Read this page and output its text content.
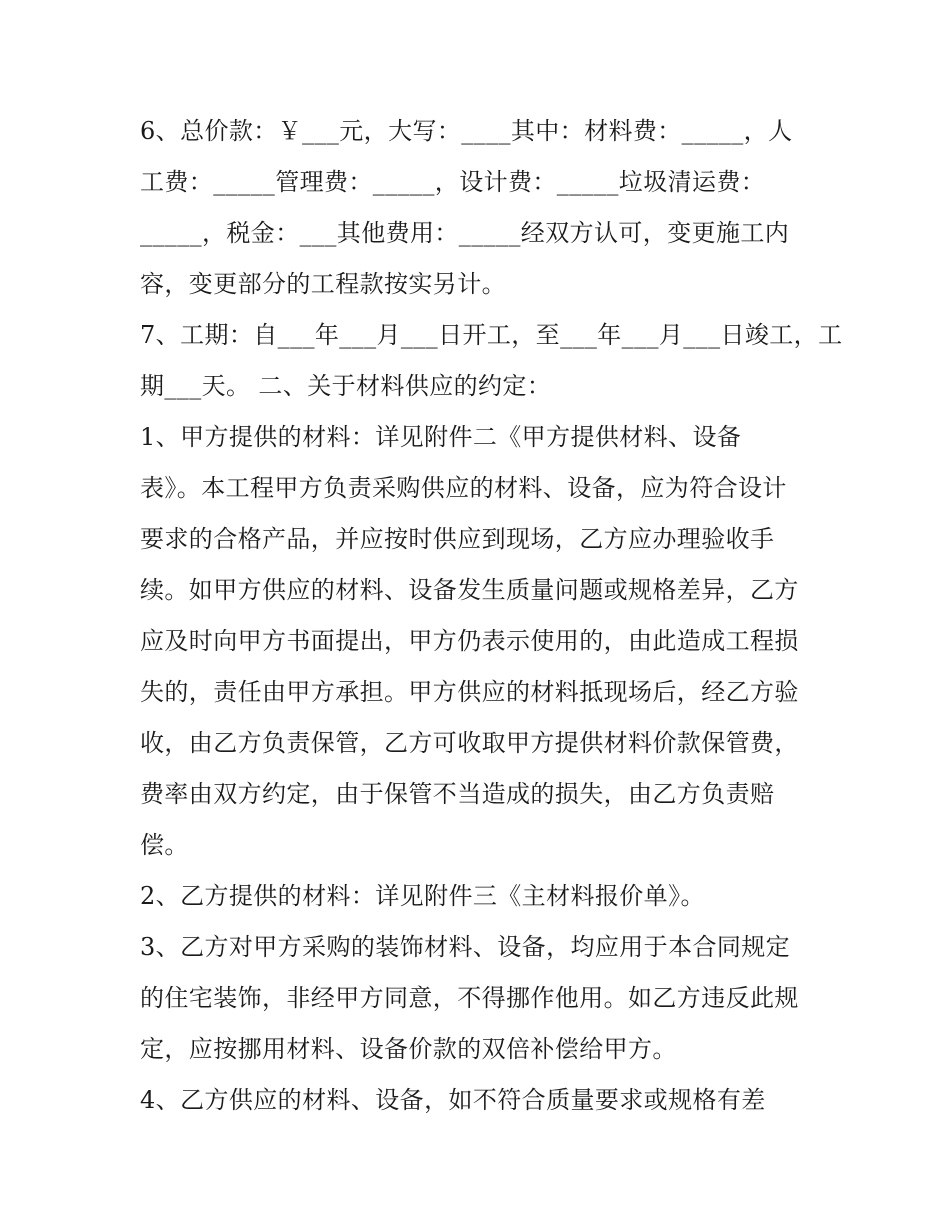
6、总价款：￥___元，大写：____其中：材料费：_____，人
工费：_____管理费：_____，设计费：_____垃圾清运费：
_____，税金：___其他费用：_____经双方认可，变更施工内
容，变更部分的工程款按实另计。
7、工期：自___年___月___日开工，至___年___月___日竣工，工
期___天。 二、关于材料供应的约定：
1、甲方提供的材料：详见附件二《甲方提供材料、设备
表》。本工程甲方负责采购供应的材料、设备，应为符合设计
要求的合格产品，并应按时供应到现场，乙方应办理验收手
续。如甲方供应的材料、设备发生质量问题或规格差异，乙方
应及时向甲方书面提出，甲方仍表示使用的，由此造成工程损
失的，责任由甲方承担。甲方供应的材料抵现场后，经乙方验
收，由乙方负责保管，乙方可收取甲方提供材料价款保管费，
费率由双方约定，由于保管不当造成的损失，由乙方负责赔
偿。
2、乙方提供的材料：详见附件三《主材料报价单》。
3、乙方对甲方采购的装饰材料、设备，均应用于本合同规定
的住宅装饰，非经甲方同意，不得挪作他用。如乙方违反此规
定，应按挪用材料、设备价款的双倍补偿给甲方。
4、乙方供应的材料、设备，如不符合质量要求或规格有差
